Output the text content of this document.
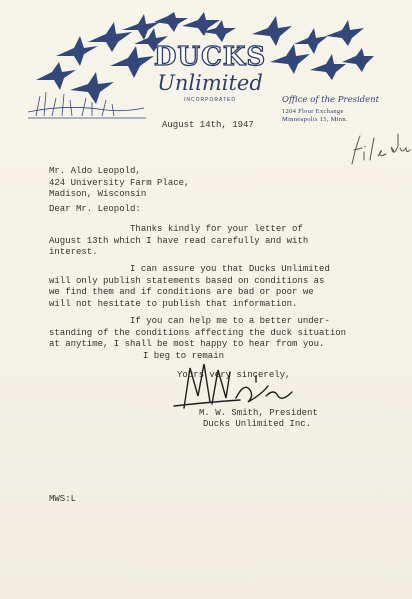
DUCKS
Unlimited
INCORPORATED	Office of the President
1204 Flour Exchange
Minneapolis 15, Minn.
August 14th, 1947
Mr. Aldo Leopold,
424 University Farm Place,
Madison, Wisconsin
Dear Mr. Leopold:
Thanks kindly for your letter of
August 13th which I have read carefully and with
interest.
I can assure you that Ducks Unlimited
will only publish statements based on conditions as
we find them and if conditions are bad or poor we
will not hesitate to publish that information.
If you can help me to a better under-
standing of the conditions affecting the duck situation
at anytime, I shall be most happy to hear from you.
I beg to remain
Yours very sincerely,
M. W. Smith, President
Ducks Unlimited Inc.
MWS:L
